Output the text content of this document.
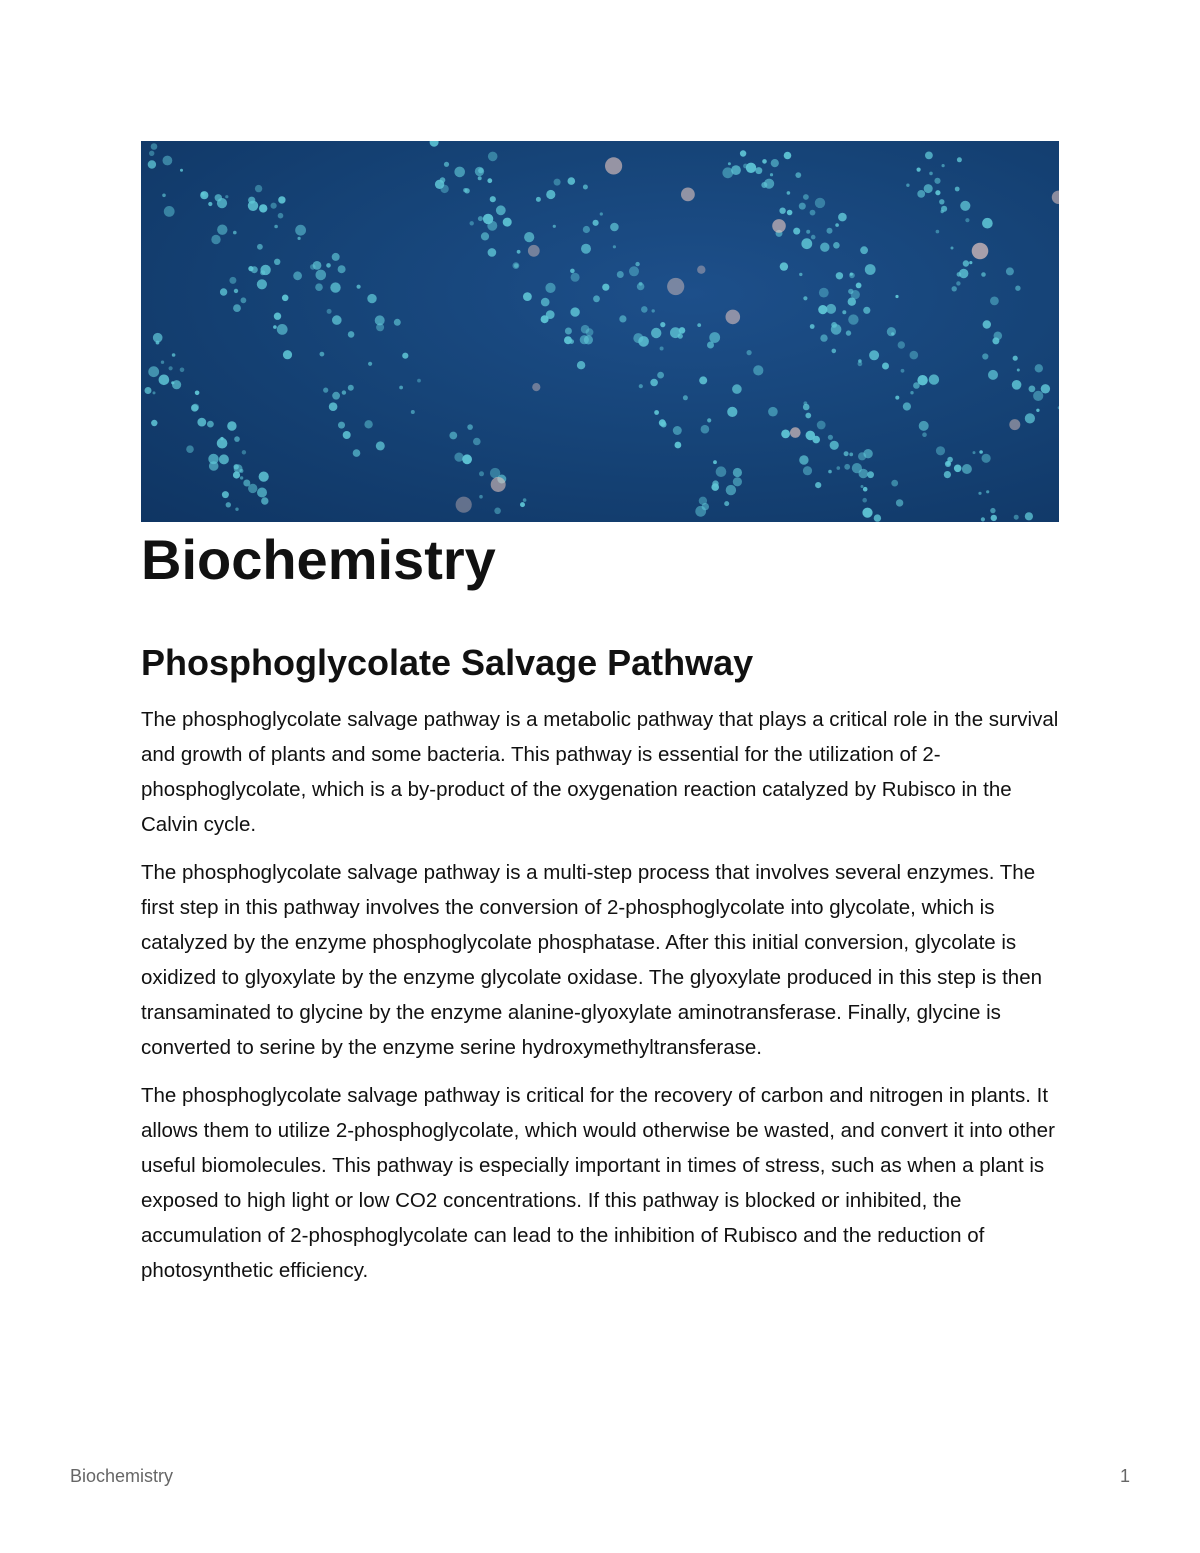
Biochemistry
Phosphoglycolate Salvage Pathway

The phosphoglycolate salvage pathway is a metabolic pathway that plays a critical role in the survival and growth of plants and some bacteria. This pathway is essential for the utilization of 2-phosphoglycolate, which is a by-product of the oxygenation reaction catalyzed by Rubisco in the Calvin cycle.

The phosphoglycolate salvage pathway is a multi-step process that involves several enzymes. The first step in this pathway involves the conversion of 2-phosphoglycolate into glycolate, which is catalyzed by the enzyme phosphoglycolate phosphatase. After this initial conversion, glycolate is oxidized to glyoxylate by the enzyme glycolate oxidase. The glyoxylate produced in this step is then transaminated to glycine by the enzyme alanine-glyoxylate aminotransferase. Finally, glycine is converted to serine by the enzyme serine hydroxymethyltransferase.

The phosphoglycolate salvage pathway is critical for the recovery of carbon and nitrogen in plants. It allows them to utilize 2-phosphoglycolate, which would otherwise be wasted, and convert it into other useful biomolecules. This pathway is especially important in times of stress, such as when a plant is exposed to high light or low CO2 concentrations. If this pathway is blocked or inhibited, the accumulation of 2-phosphoglycolate can lead to the inhibition of Rubisco and the reduction of photosynthetic efficiency.

Biochemistry	1
